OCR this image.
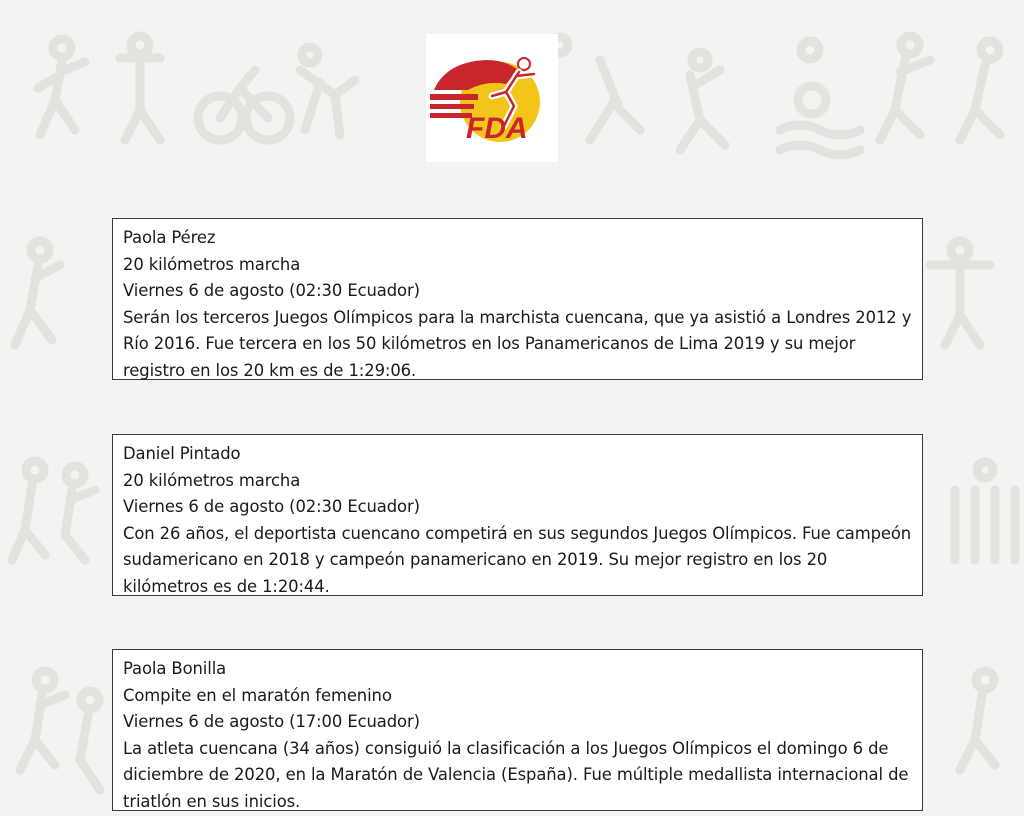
FDA

Paola Pérez

20 kilómetros marcha

Viernes 6 de agosto (02:30 Ecuador)

Serán los terceros Juegos Olímpicos para la marchista cuencana, que ya asistió a Londres 2012 y Río 2016. Fue tercera en los 50 kilómetros en los Panamericanos de Lima 2019 y su mejor registro en los 20 km es de 1:29:06.

Daniel Pintado

20 kilómetros marcha

Viernes 6 de agosto (02:30 Ecuador)

Con 26 años, el deportista cuencano competirá en sus segundos Juegos Olímpicos. Fue campeón sudamericano en 2018 y campeón panamericano en 2019. Su mejor registro en los 20 kilómetros es de 1:20:44.

Paola Bonilla

Compite en el maratón femenino

Viernes 6 de agosto (17:00 Ecuador)

La atleta cuencana (34 años) consiguió la clasificación a los Juegos Olímpicos el domingo 6 de diciembre de 2020, en la Maratón de Valencia (España). Fue múltiple medallista internacional de triatlón en sus inicios.
